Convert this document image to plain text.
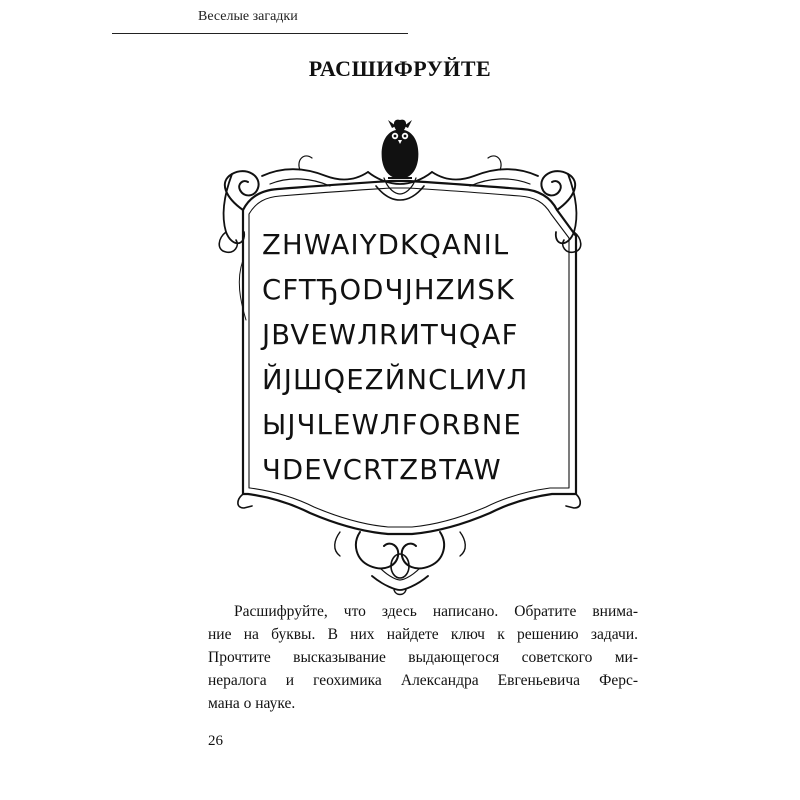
Веселые загадки
РАСШИФРУЙТЕ
ZHWAIYDKQANIL
CFTЂODЧJHZИSK
JBVEWЛRИTЧQAF
ЙJШQEZЙNCLИVЛ
ЫJЧLEWЛFORBNE
ЧDEVCRTZBTAW
Расшифруйте, что здесь написано. Обратите внима-
ние на буквы. В них найдете ключ к решению задачи.
Прочтите высказывание выдающегося советского ми-
нералога и геохимика Александра Евгеньевича Ферс-
мана о науке.
26
